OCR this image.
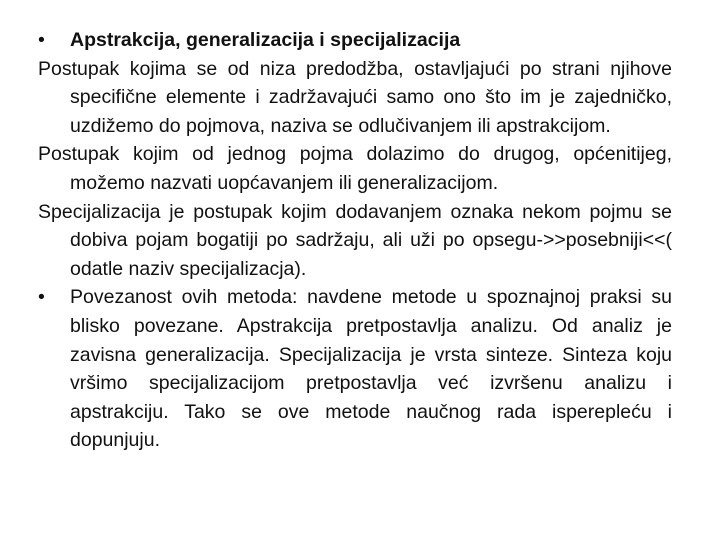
• Apstrakcija, generalizacija i specijalizacija

Postupak kojima se od niza predodžba, ostavljajući po strani njihove specifične elemente i zadržavajući samo ono što im je zajedničko, uzdižemo do pojmova, naziva se odlučivanjem ili apstrakcijom.

Postupak kojim od jednog pojma dolazimo do drugog, općenitijeg, možemo nazvati uopćavanjem ili generalizacijom.

Specijalizacija je postupak kojim dodavanjem oznaka nekom pojmu se dobiva pojam bogatiji po sadržaju, ali uži po opsegu->>posebniji<<( odatle naziv specijalizacja).

• Povezanost ovih metoda: navdene metode u spoznajnoj praksi su blisko povezane. Apstrakcija pretpostavlja analizu. Od analiz je zavisna generalizacija. Specijalizacija je vrsta sinteze. Sinteza koju vršimo specijalizacijom pretpostavlja već izvršenu analizu i apstrakciju. Tako se ove metode naučnog rada isperepleću i dopunjuju.
